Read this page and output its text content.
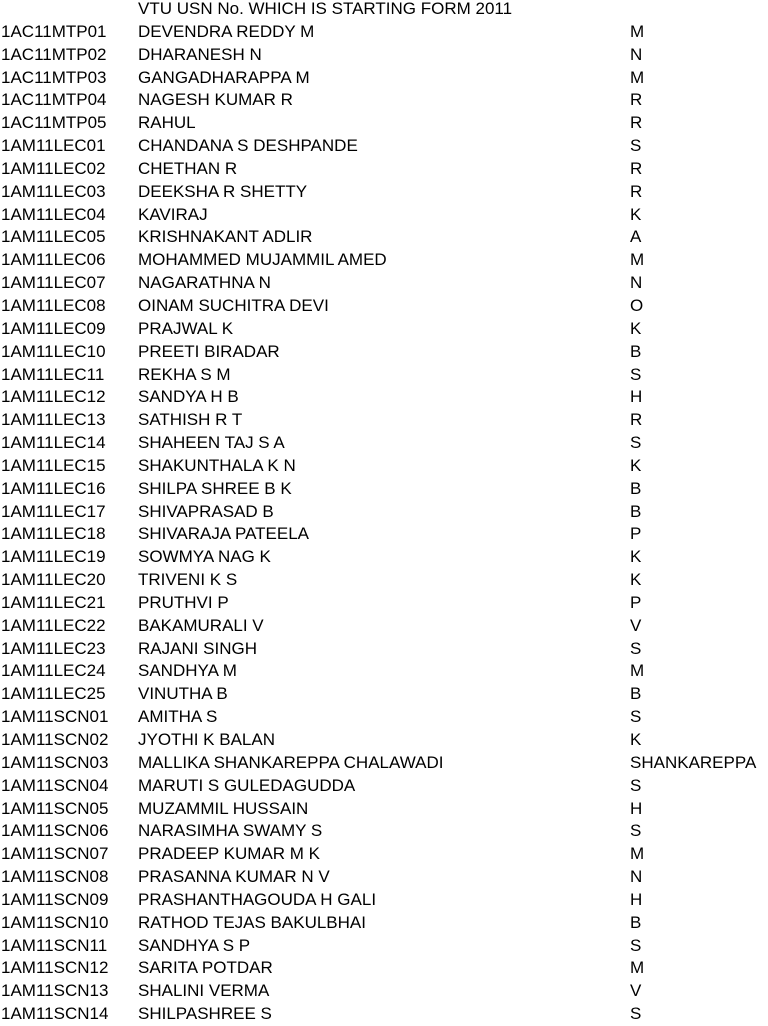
VTU USN No. WHICH IS STARTING FORM 2011
1AC11MTP01 DEVENDRA REDDY M	M
1AC11MTP02 DHARANESH N	N
1AC11MTP03 GANGADHARAPPA M	M
1AC11MTP04 NAGESH KUMAR R	R
1AC11MTP05 RAHUL	R
1AM11LEC01 CHANDANA S DESHPANDE	S
1AM11LEC02 CHETHAN R	R
1AM11LEC03 DEEKSHA R SHETTY	R
1AM11LEC04 KAVIRAJ	K
1AM11LEC05 KRISHNAKANT ADLIR	A
1AM11LEC06 MOHAMMED MUJAMMIL AMED	M
1AM11LEC07 NAGARATHNA N	N
1AM11LEC08 OINAM SUCHITRA DEVI	O
1AM11LEC09 PRAJWAL K	K
1AM11LEC10 PREETI BIRADAR	B
1AM11LEC11 REKHA S M	S
1AM11LEC12 SANDYA H B	H
1AM11LEC13 SATHISH R T	R
1AM11LEC14 SHAHEEN TAJ S A	S
1AM11LEC15 SHAKUNTHALA K N	K
1AM11LEC16 SHILPA SHREE B K	B
1AM11LEC17 SHIVAPRASAD B	B
1AM11LEC18 SHIVARAJA PATEELA	P
1AM11LEC19 SOWMYA NAG K	K
1AM11LEC20 TRIVENI K S	K
1AM11LEC21 PRUTHVI P	P
1AM11LEC22 BAKAMURALI V	V
1AM11LEC23 RAJANI SINGH	S
1AM11LEC24 SANDHYA M	M
1AM11LEC25 VINUTHA B	B
1AM11SCN01 AMITHA S	S
1AM11SCN02 JYOTHI K BALAN	K
1AM11SCN03 MALLIKA SHANKAREPPA CHALAWADI	SHANKAREPPA
1AM11SCN04 MARUTI S GULEDAGUDDA	S
1AM11SCN05 MUZAMMIL HUSSAIN	H
1AM11SCN06 NARASIMHA SWAMY S	S
1AM11SCN07 PRADEEP KUMAR M K	M
1AM11SCN08 PRASANNA KUMAR N V	N
1AM11SCN09 PRASHANTHAGOUDA H GALI	H
1AM11SCN10 RATHOD TEJAS BAKULBHAI	B
1AM11SCN11 SANDHYA S P	S
1AM11SCN12 SARITA POTDAR	M
1AM11SCN13 SHALINI VERMA	V
1AM11SCN14 SHILPASHREE S	S
